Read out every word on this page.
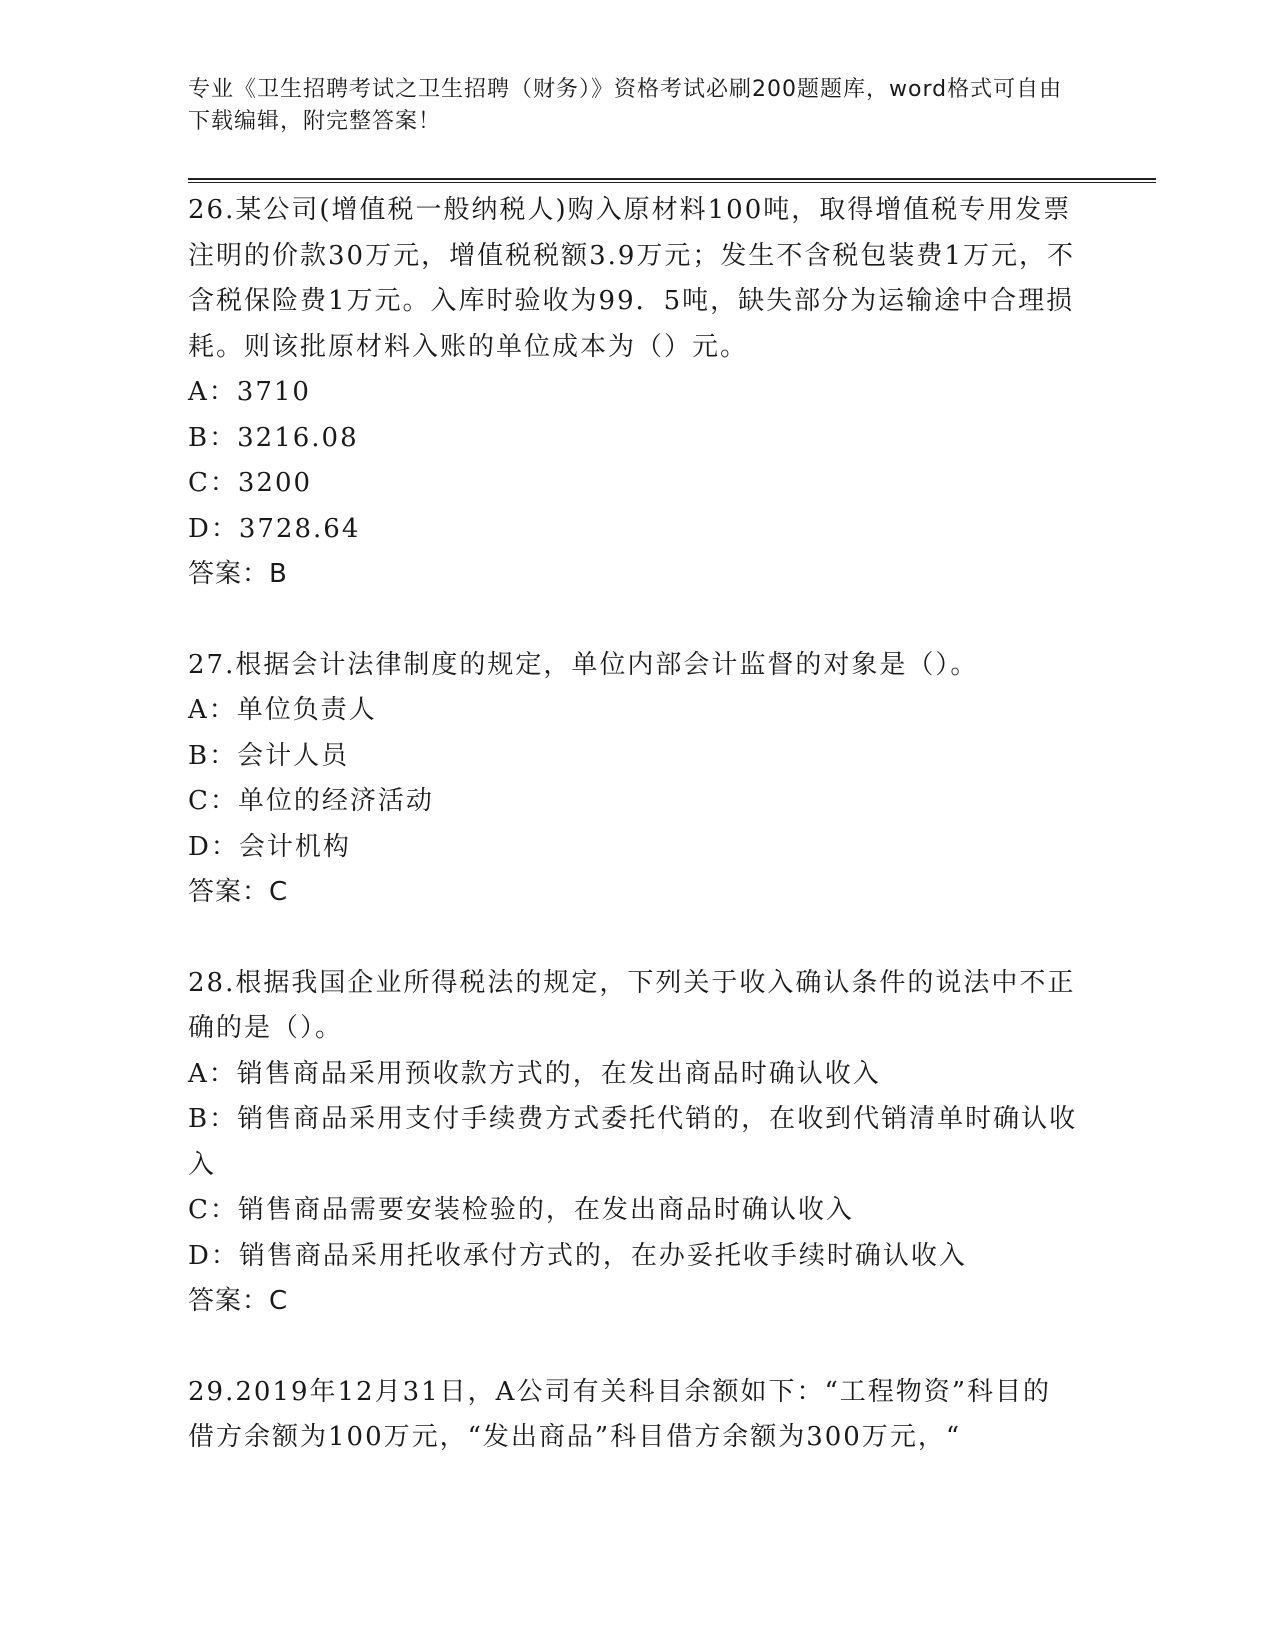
专业《卫生招聘考试之卫生招聘（财务）》资格考试必刷200题题库，word格式可自由下载编辑，附完整答案！

26.某公司(增值税一般纳税人)购入原材料100吨，取得增值税专用发票注明的价款30万元，增值税税额3.9万元；发生不含税包装费1万元，不含税保险费1万元。入库时验收为99．5吨，缺失部分为运输途中合理损耗。则该批原材料入账的单位成本为（）元。

A：3710

B：3216.08

C：3200

D：3728.64

答案：B

27.根据会计法律制度的规定，单位内部会计监督的对象是（）。

A：单位负责人

B：会计人员

C：单位的经济活动

D：会计机构

答案：C

28.根据我国企业所得税法的规定，下列关于收入确认条件的说法中不正确的是（）。

A：销售商品采用预收款方式的，在发出商品时确认收入

B：销售商品采用支付手续费方式委托代销的，在收到代销清单时确认收入

C：销售商品需要安装检验的，在发出商品时确认收入

D：销售商品采用托收承付方式的，在办妥托收手续时确认收入

答案：C

29.2019年12月31日，A公司有关科目余额如下：“工程物资”科目的借方余额为100万元，“发出商品”科目借方余额为300万元，“
